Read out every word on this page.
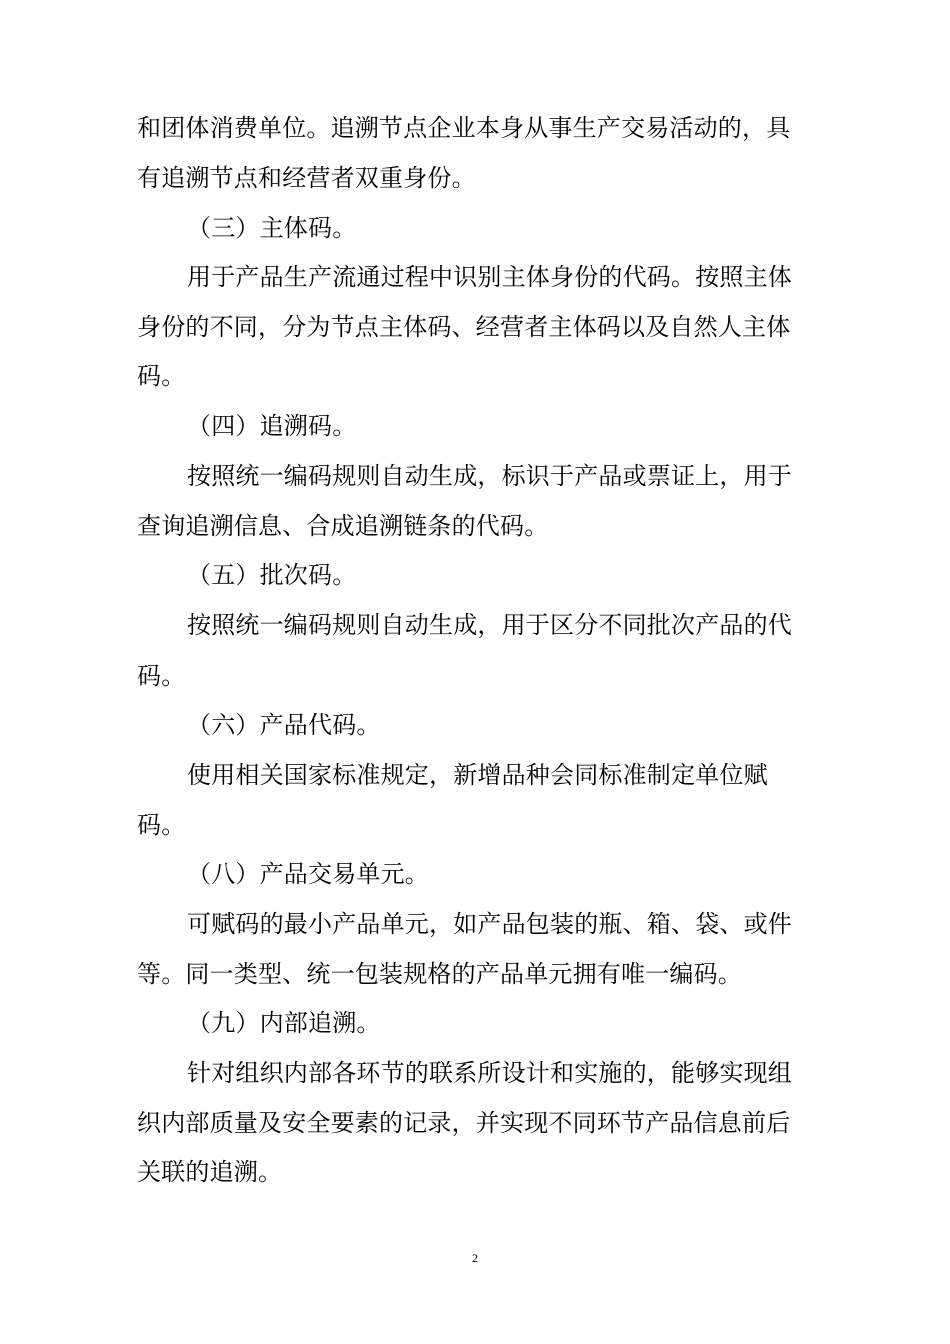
和团体消费单位。追溯节点企业本身从事生产交易活动的，具
有追溯节点和经营者双重身份。
（三）主体码。
用于产品生产流通过程中识别主体身份的代码。按照主体
身份的不同，分为节点主体码、经营者主体码以及自然人主体
码。
（四）追溯码。
按照统一编码规则自动生成，标识于产品或票证上，用于
查询追溯信息、合成追溯链条的代码。
（五）批次码。
按照统一编码规则自动生成，用于区分不同批次产品的代
码。
（六）产品代码。
使用相关国家标准规定，新增品种会同标准制定单位赋
码。
（八）产品交易单元。
可赋码的最小产品单元，如产品包装的瓶、箱、袋、或件
等。同一类型、统一包装规格的产品单元拥有唯一编码。
（九）内部追溯。
针对组织内部各环节的联系所设计和实施的，能够实现组
织内部质量及安全要素的记录，并实现不同环节产品信息前后
关联的追溯。
2
